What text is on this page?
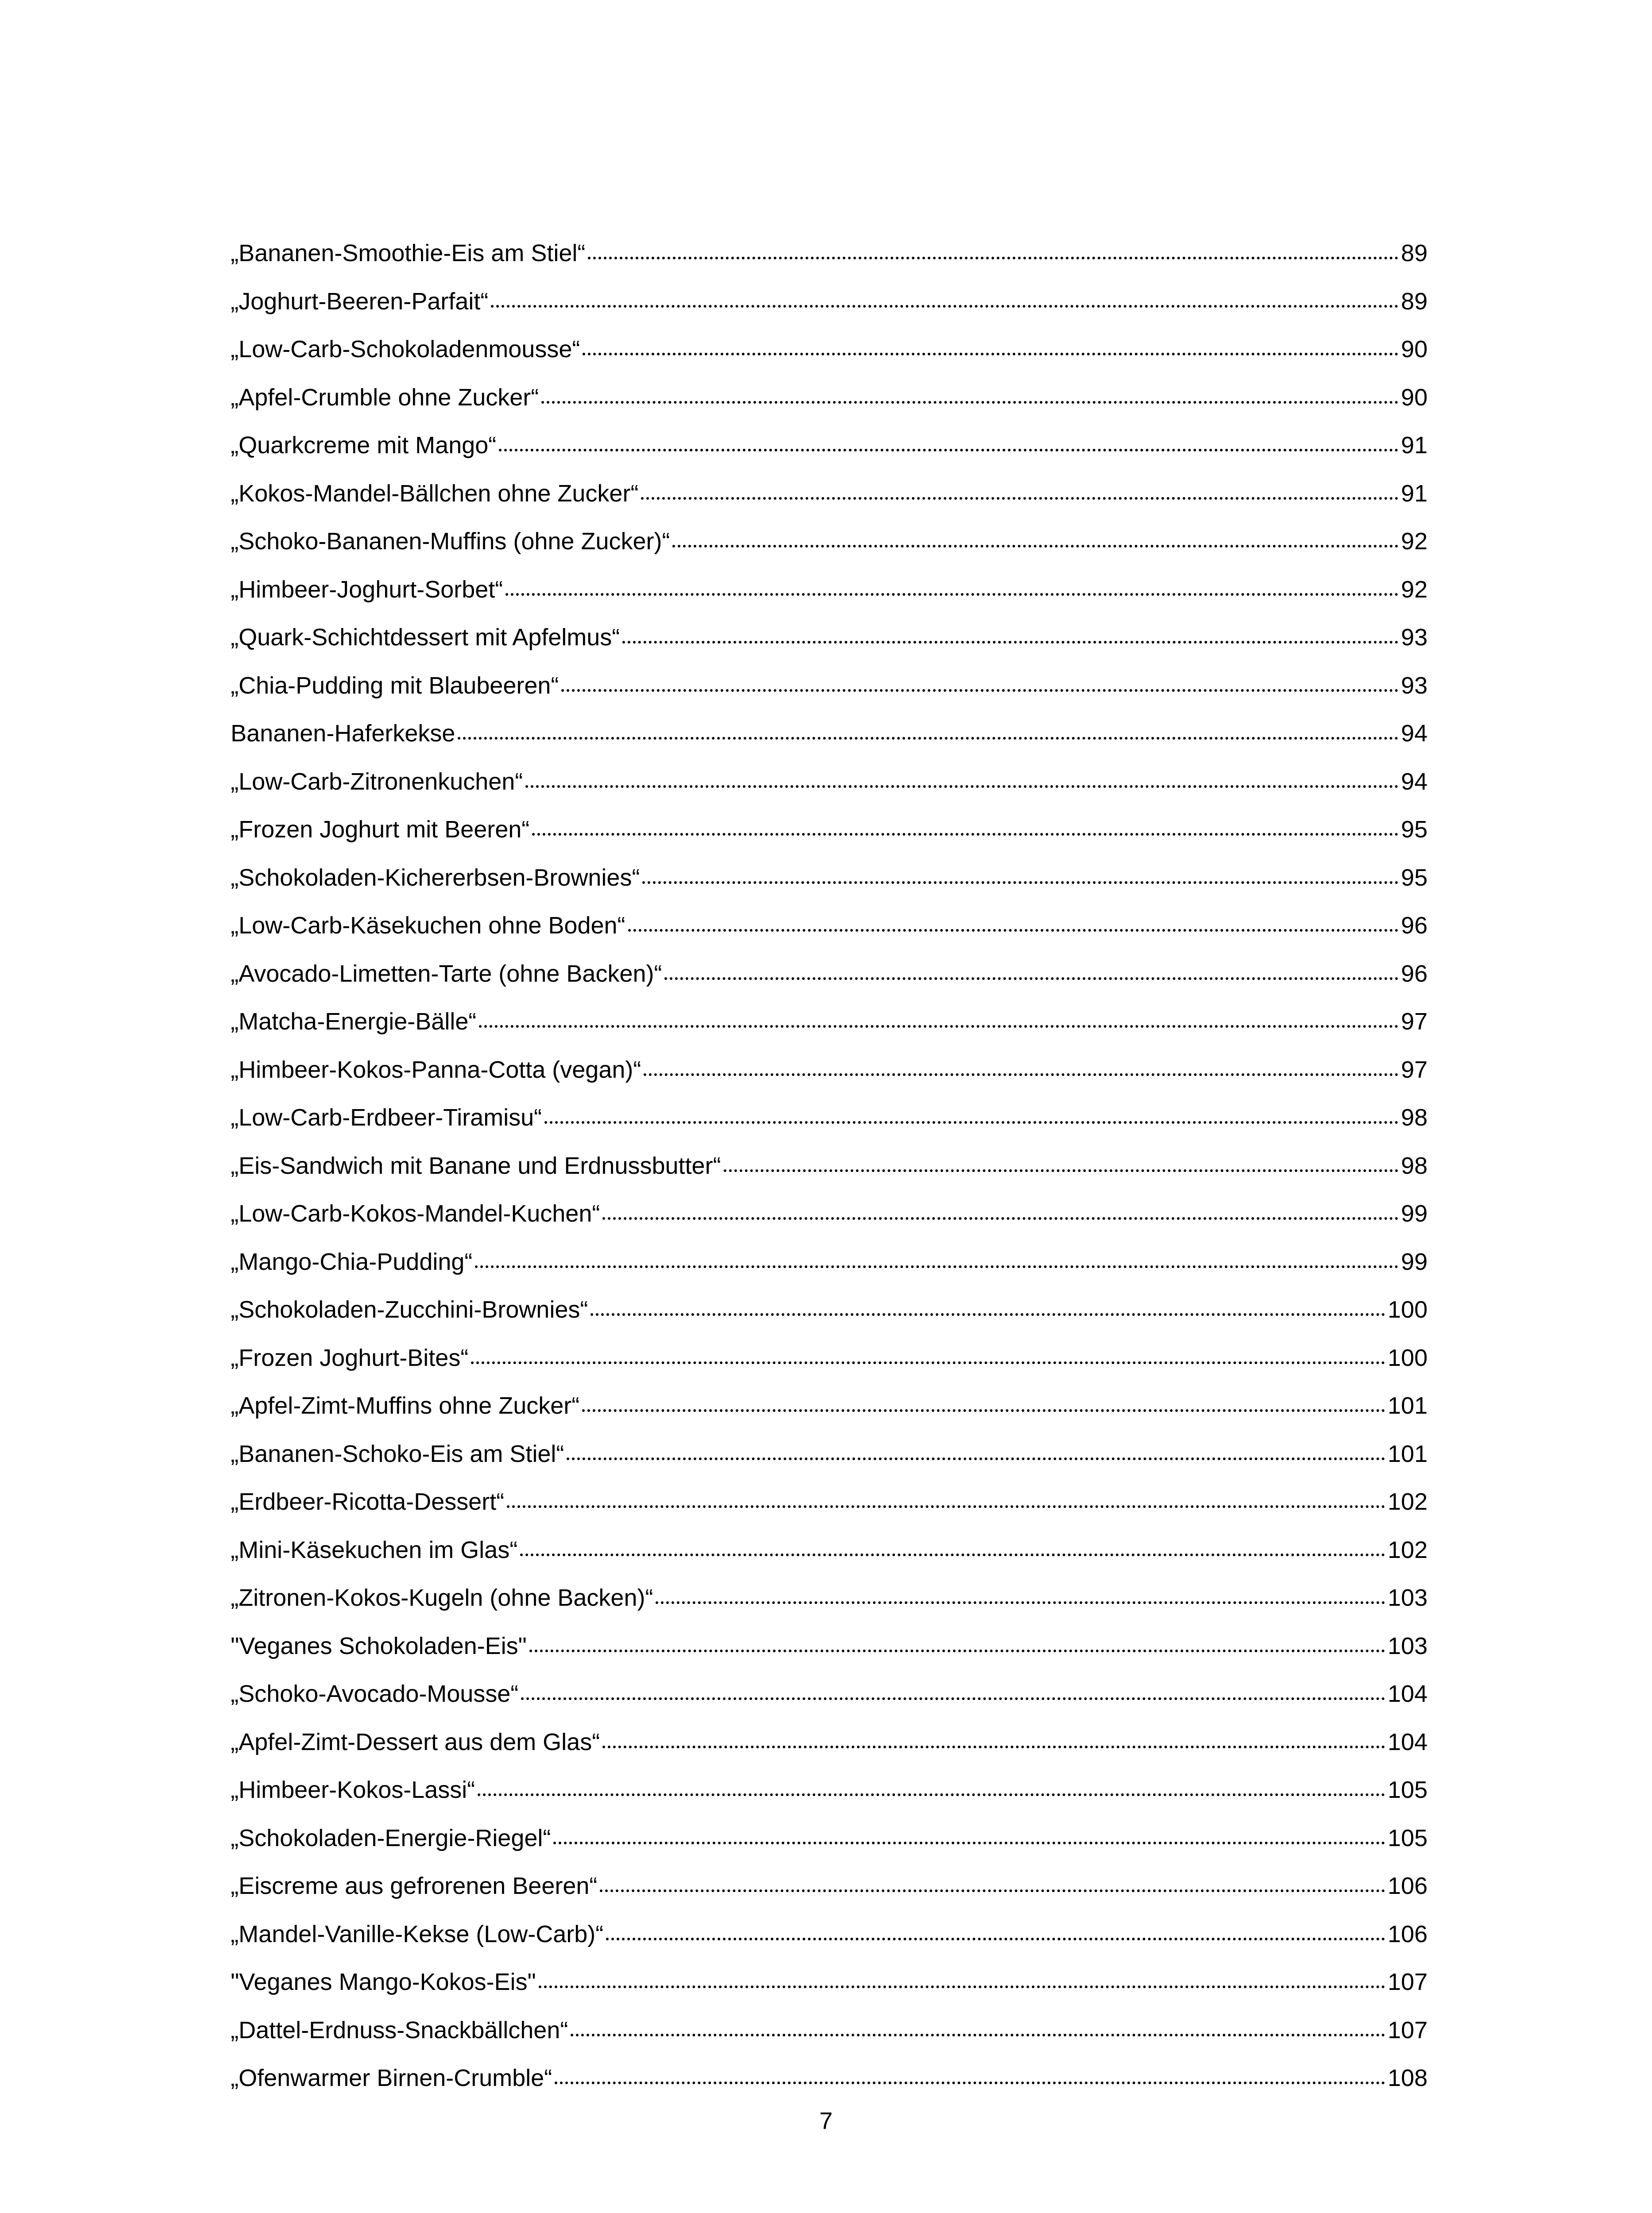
„Bananen-Smoothie-Eis am Stiel“	89
„Joghurt-Beeren-Parfait“	89
„Low-Carb-Schokoladenmousse“	90
„Apfel-Crumble ohne Zucker“	90
„Quarkcreme mit Mango“	91
„Kokos-Mandel-Bällchen ohne Zucker“	91
„Schoko-Bananen-Muffins (ohne Zucker)“	92
„Himbeer-Joghurt-Sorbet“	92
„Quark-Schichtdessert mit Apfelmus“	93
„Chia-Pudding mit Blaubeeren“	93
Bananen-Haferkekse	94
„Low-Carb-Zitronenkuchen“	94
„Frozen Joghurt mit Beeren“	95
„Schokoladen-Kichererbsen-Brownies“	95
„Low-Carb-Käsekuchen ohne Boden“	96
„Avocado-Limetten-Tarte (ohne Backen)“	96
„Matcha-Energie-Bälle“	97
„Himbeer-Kokos-Panna-Cotta (vegan)“	97
„Low-Carb-Erdbeer-Tiramisu“	98
„Eis-Sandwich mit Banane und Erdnussbutter“	98
„Low-Carb-Kokos-Mandel-Kuchen“	99
„Mango-Chia-Pudding“	99
„Schokoladen-Zucchini-Brownies“	100
„Frozen Joghurt-Bites“	100
„Apfel-Zimt-Muffins ohne Zucker“	101
„Bananen-Schoko-Eis am Stiel“	101
„Erdbeer-Ricotta-Dessert“	102
„Mini-Käsekuchen im Glas“	102
„Zitronen-Kokos-Kugeln (ohne Backen)“	103
"Veganes Schokoladen-Eis"	103
„Schoko-Avocado-Mousse“	104
„Apfel-Zimt-Dessert aus dem Glas“	104
„Himbeer-Kokos-Lassi“	105
„Schokoladen-Energie-Riegel“	105
„Eiscreme aus gefrorenen Beeren“	106
„Mandel-Vanille-Kekse (Low-Carb)“	106
"Veganes Mango-Kokos-Eis"	107
„Dattel-Erdnuss-Snackbällchen“	107
„Ofenwarmer Birnen-Crumble“	108
7
